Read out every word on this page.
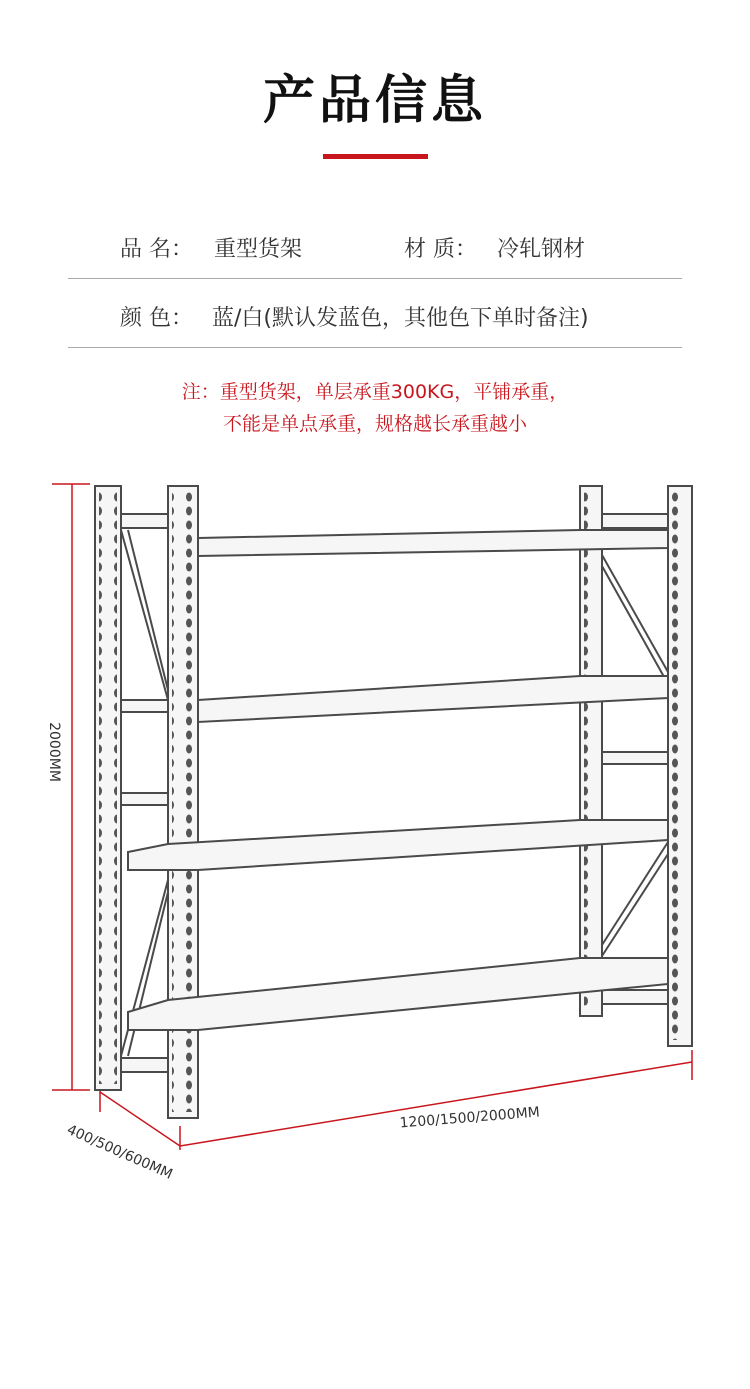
产品信息
品 名： 重型货架	材 质： 冷轧钢材
颜 色： 蓝/白(默认发蓝色，其他色下单时备注)
注：重型货架，单层承重300KG，平铺承重，
不能是单点承重，规格越长承重越小
2000MM
1200/1500/2000MM
400/500/600MM
